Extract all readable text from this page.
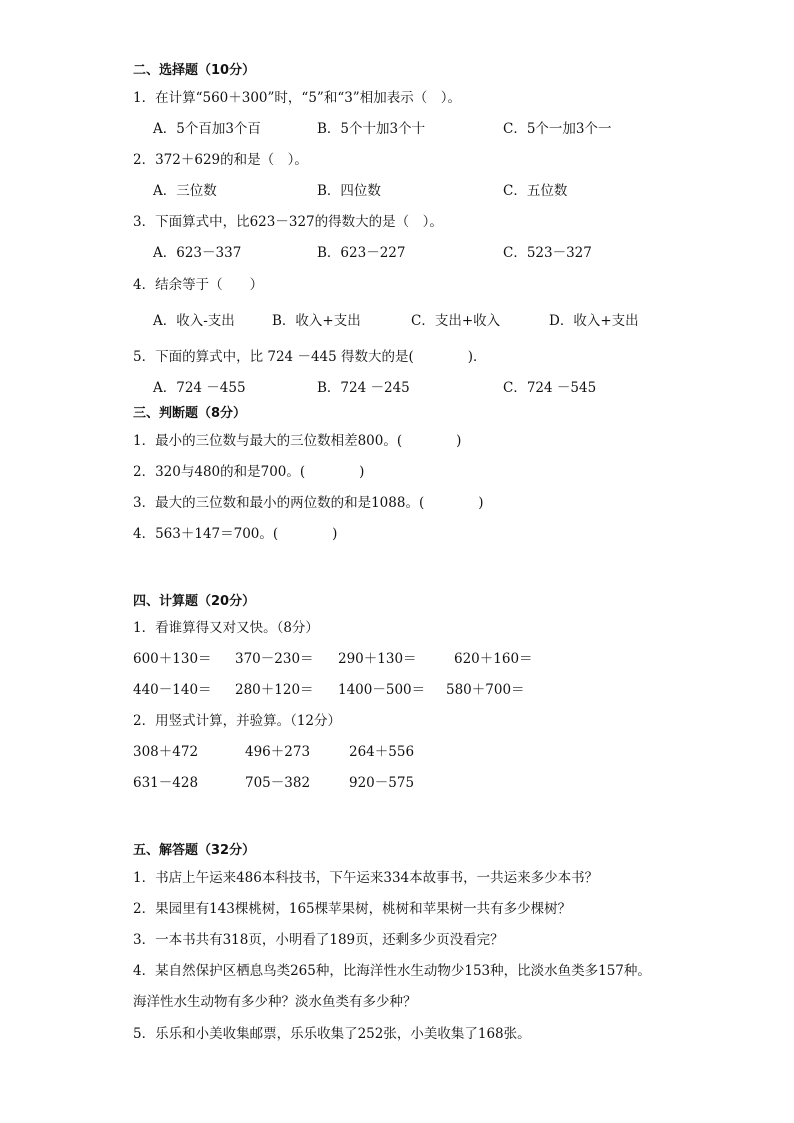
二、选择题（10分）
1．在计算“560＋300”时，“5”和“3”相加表示（　）。
A．5个百加3个百	B．5个十加3个十	C．5个一加3个一
2．372＋629的和是（　）。
A．三位数	B．四位数	C．五位数
3．下面算式中，比623－327的得数大的是（　）。
A．623－337	B．623－227	C．523－327
4．结余等于（　　）
A．收入-支出	B．收入+支出	C．支出+收入	D．收入+支出
5．下面的算式中，比 724 －445 得数大的是(　　　　)．
A．724 －455	B．724 －245	C．724 －545
三、判断题（8分）
1．最小的三位数与最大的三位数相差800。(　　　　)
2．320与480的和是700。(　　　　)
3．最大的三位数和最小的两位数的和是1088。(　　　　)
4．563＋147＝700。(　　　　)
四、计算题（20分）
1．看谁算得又对又快。（8分）
600＋130＝ 370－230＝ 290＋130＝	620＋160＝
440－140＝ 280＋120＝ 1400－500＝ 580＋700＝
2．用竖式计算，并验算。（12分）
308＋472	496＋273	264＋556
631－428	705－382	920－575
五、解答题（32分）
1．书店上午运来486本科技书，下午运来334本故事书，一共运来多少本书？
2．果园里有143棵桃树，165棵苹果树，桃树和苹果树一共有多少棵树？
3．一本书共有318页，小明看了189页，还剩多少页没看完？
4．某自然保护区栖息鸟类265种，比海洋性水生动物少153种，比淡水鱼类多157种。
海洋性水生动物有多少种？淡水鱼类有多少种？
5．乐乐和小美收集邮票，乐乐收集了252张，小美收集了168张。
